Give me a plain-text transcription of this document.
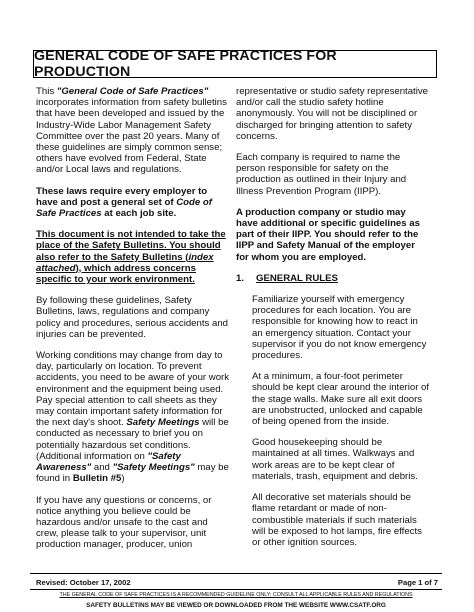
GENERAL CODE OF SAFE PRACTICES FOR PRODUCTION

This "General Code of Safe Practices" incorporates information from safety bulletins that have been developed and issued by the Industry-Wide Labor Management Safety Committee over the past 20 years. Many of these guidelines are simply common sense; others have evolved from Federal, State and/or Local laws and regulations.

These laws require every employer to have and post a general set of Code of Safe Practices at each job site.

This document is not intended to take the place of the Safety Bulletins. You should also refer to the Safety Bulletins (index attached), which address concerns specific to your work environment.

By following these guidelines, Safety Bulletins, laws, regulations and company policy and procedures, serious accidents and injuries can be prevented.

Working conditions may change from day to day, particularly on location. To prevent accidents, you need to be aware of your work environment and the equipment being used. Pay special attention to call sheets as they may contain important safety information for the next day's shoot. Safety Meetings will be conducted as necessary to brief you on potentially hazardous set conditions. (Additional information on "Safety Awareness" and "Safety Meetings" may be found in Bulletin #5)

If you have any questions or concerns, or notice anything you believe could be hazardous and/or unsafe to the cast and crew, please talk to your supervisor, unit production manager, producer, union

representative or studio safety representative and/or call the studio safety hotline anonymously. You will not be disciplined or discharged for bringing attention to safety concerns.

Each company is required to name the person responsible for safety on the production as outlined in their Injury and Illness Prevention Program (IIPP).

A production company or studio may have additional or specific guidelines as part of their IIPP. You should refer to the IIPP and Safety Manual of the employer for whom you are employed.

1. GENERAL RULES

Familiarize yourself with emergency procedures for each location. You are responsible for knowing how to react in an emergency situation. Contact your supervisor if you do not know emergency procedures.

At a minimum, a four-foot perimeter should be kept clear around the interior of the stage walls. Make sure all exit doors are unobstructed, unlocked and capable of being opened from the inside.

Good housekeeping should be maintained at all times. Walkways and work areas are to be kept clear of materials, trash, equipment and debris.

All decorative set materials should be flame retardant or made of non-combustible materials if such materials will be exposed to hot lamps, fire effects or other ignition sources.

Revised: October 17, 2002	Page 1 of 7
THE GENERAL CODE OF SAFE PRACTICES IS A RECOMMENDED GUIDELINE ONLY; CONSULT ALL APPLICABLE RULES AND REGULATIONS
SAFETY BULLETINS MAY BE VIEWED OR DOWNLOADED FROM THE WEBSITE WWW.CSATF.ORG
